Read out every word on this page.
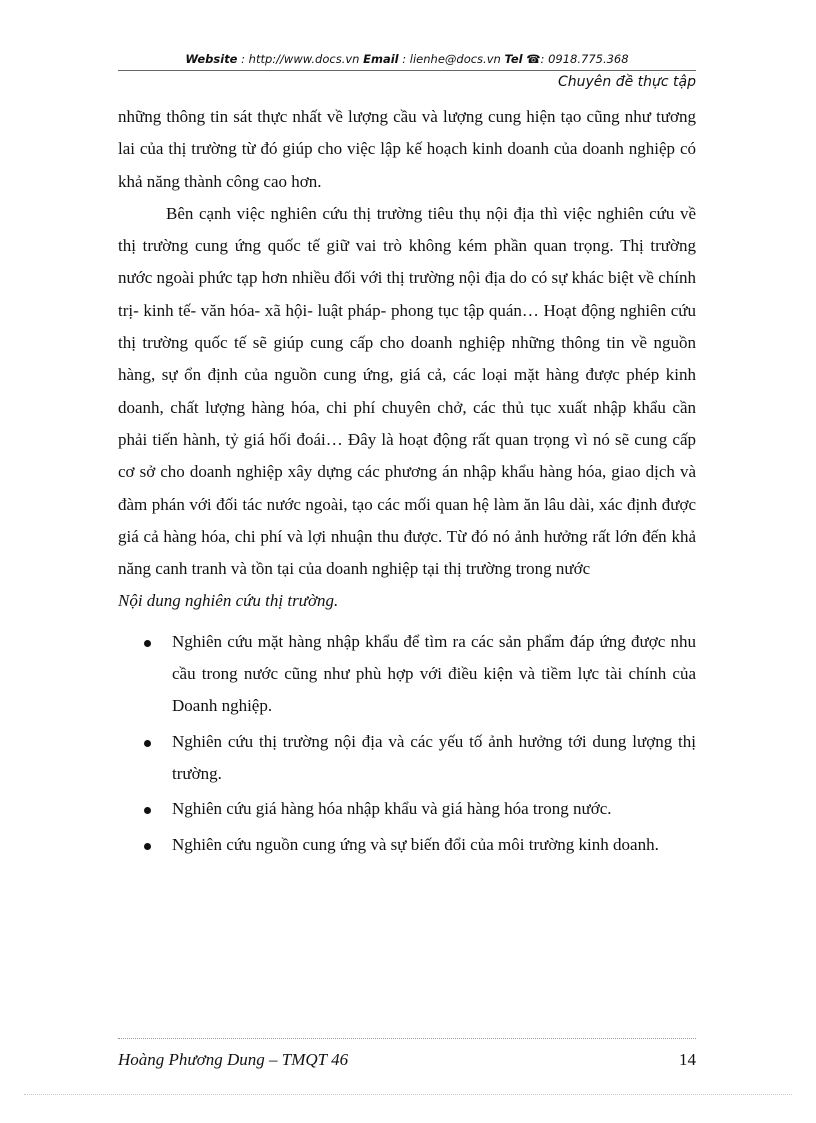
Website : http://www.docs.vn Email : lienhe@docs.vn Tel ☎: 0918.775.368
Chuyên đề thực tập

những thông tin sát thực nhất về lượng cầu và lượng cung hiện tạo cũng như tương lai của thị trường từ đó giúp cho việc lập kế hoạch kinh doanh của doanh nghiệp có khả năng thành công cao hơn.

Bên cạnh việc nghiên cứu thị trường tiêu thụ nội địa thì việc nghiên cứu về thị trường cung ứng quốc tế giữ vai trò không kém phần quan trọng. Thị trường nước ngoài phức tạp hơn nhiều đối với thị trường nội địa do có sự khác biệt về chính trị- kinh tế- văn hóa- xã hội- luật pháp- phong tục tập quán… Hoạt động nghiên cứu thị trường quốc tế sẽ giúp cung cấp cho doanh nghiệp những thông tin về nguồn hàng, sự ổn định của nguồn cung ứng, giá cả, các loại mặt hàng được phép kinh doanh, chất lượng hàng hóa, chi phí chuyên chở, các thủ tục xuất nhập khẩu cần phải tiến hành, tỷ giá hối đoái… Đây là hoạt động rất quan trọng vì nó sẽ cung cấp cơ sở cho doanh nghiệp xây dựng các phương án nhập khẩu hàng hóa, giao dịch và đàm phán với đối tác nước ngoài, tạo các mối quan hệ làm ăn lâu dài, xác định được giá cả hàng hóa, chi phí và lợi nhuận thu được. Từ đó nó ảnh hưởng rất lớn đến khả năng canh tranh và tồn tại của doanh nghiệp tại thị trường trong nước

Nội dung nghiên cứu thị trường.

Nghiên cứu mặt hàng nhập khẩu để tìm ra các sản phẩm đáp ứng được nhu cầu trong nước cũng như phù hợp với điều kiện và tiềm lực tài chính của Doanh nghiệp.
Nghiên cứu thị trường nội địa và các yếu tố ảnh hưởng tới dung lượng thị trường.
Nghiên cứu giá hàng hóa nhập khẩu và giá hàng hóa trong nước.
Nghiên cứu nguồn cung ứng và sự biến đổi của môi trường kinh doanh.
Hoàng Phương Dung – TMQT 46	14
